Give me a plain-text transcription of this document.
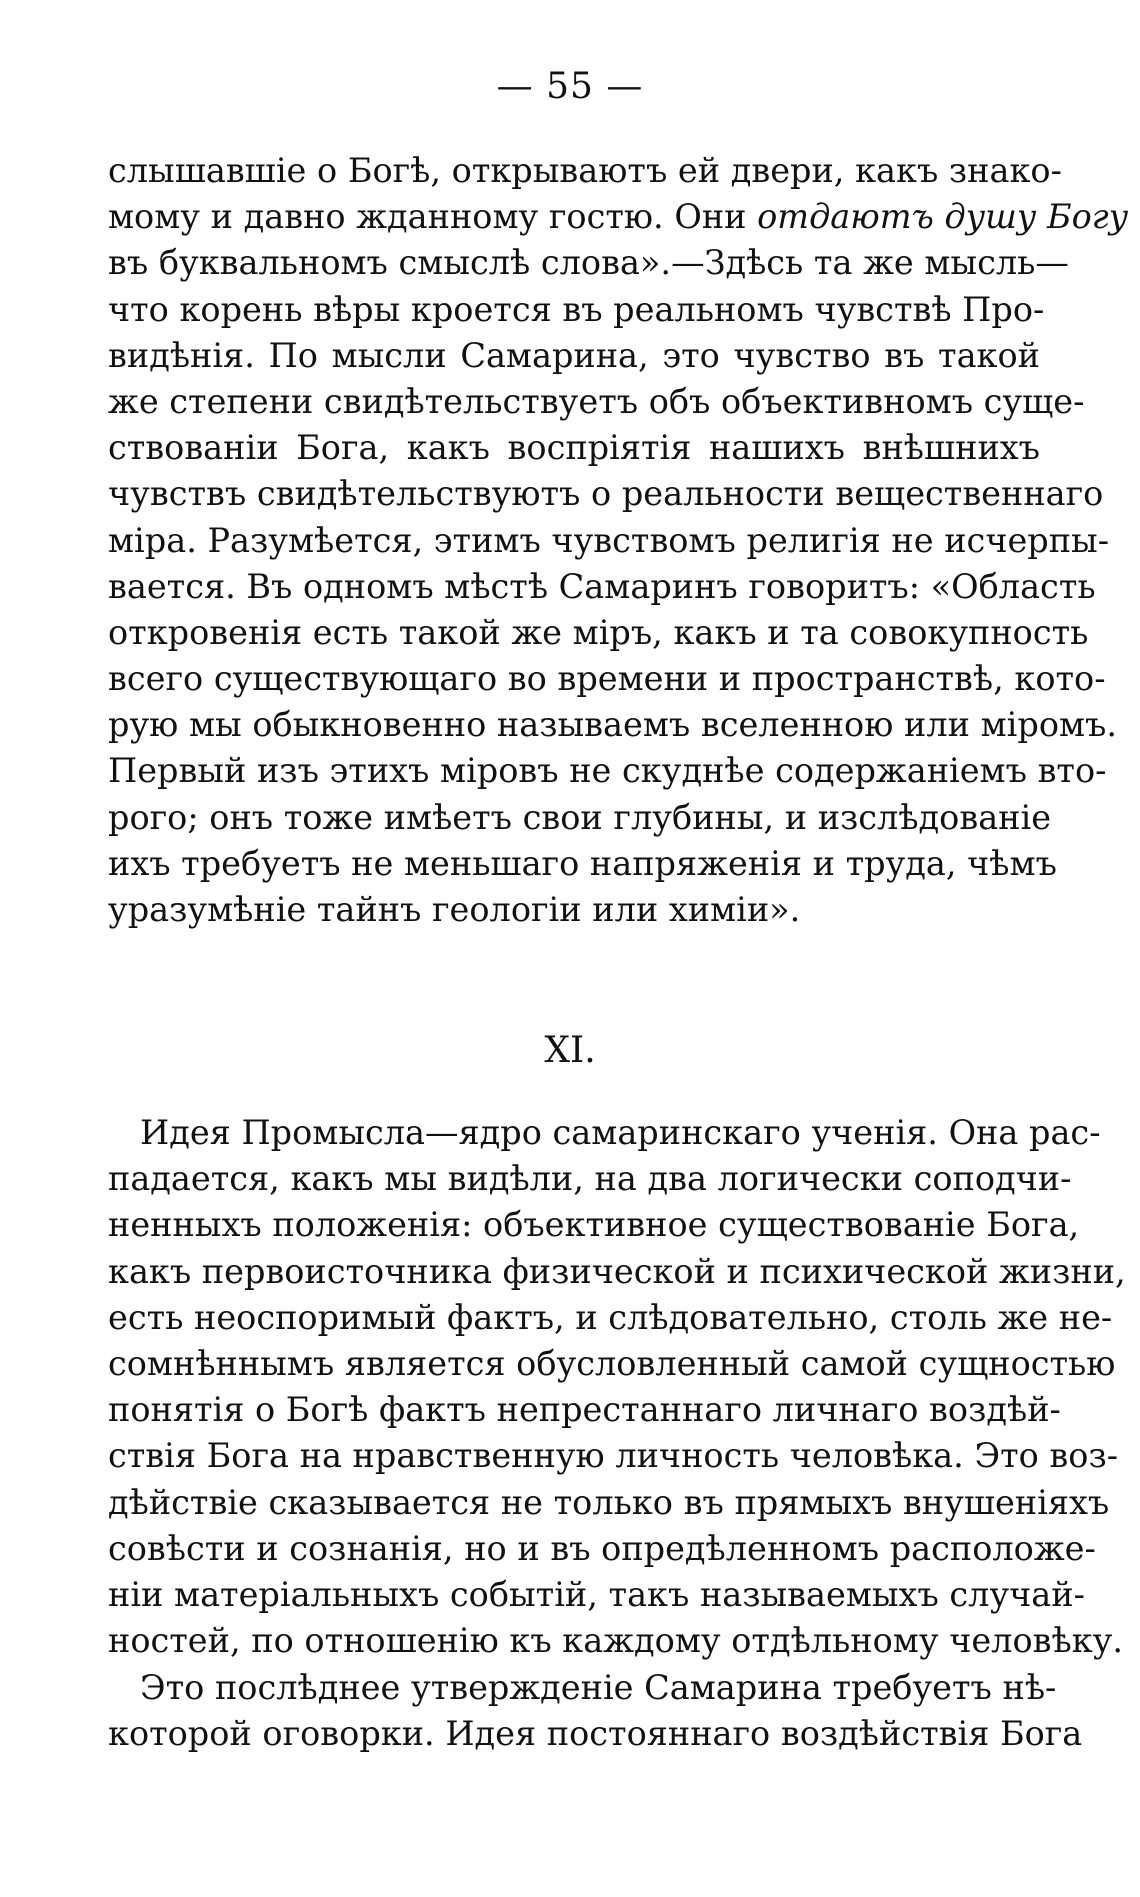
— 55 —
слышавшіе о Богѣ, открываютъ ей двери, какъ знако-
мому и давно жданному гостю. Они отдаютъ душу Богу
въ буквальномъ смыслѣ слова».—Здѣсь та же мысль—
что корень вѣры кроется въ реальномъ чувствѣ Про-
видѣнія. По мысли Самарина, это чувство въ такой
же степени свидѣтельствуетъ объ объективномъ суще-
ствованіи Бога, какъ воспріятія нашихъ внѣшнихъ
чувствъ свидѣтельствуютъ о реальности вещественнаго
міра. Разумѣется, этимъ чувствомъ религія не исчерпы-
вается. Въ одномъ мѣстѣ Самаринъ говоритъ: «Область
откровенія есть такой же міръ, какъ и та совокупность
всего существующаго во времени и пространствѣ, кото-
рую мы обыкновенно называемъ вселенною или міромъ.
Первый изъ этихъ міровъ не скуднѣе содержаніемъ вто-
рого; онъ тоже имѣетъ свои глубины, и изслѣдованіе
ихъ требуетъ не меньшаго напряженія и труда, чѣмъ
уразумѣніе тайнъ геологіи или химіи».
XI.
Идея Промысла—ядро самаринскаго ученія. Она рас-
падается, какъ мы видѣли, на два логически соподчи-
ненныхъ положенія: объективное существованіе Бога,
какъ первоисточника физической и психической жизни,
есть неоспоримый фактъ, и слѣдовательно, столь же не-
сомнѣннымъ является обусловленный самой сущностью
понятія о Богѣ фактъ непрестаннаго личнаго воздѣй-
ствія Бога на нравственную личность человѣка. Это воз-
дѣйствіе сказывается не только въ прямыхъ внушеніяхъ
совѣсти и сознанія, но и въ опредѣленномъ расположе-
ніи матеріальныхъ событій, такъ называемыхъ случай-
ностей, по отношенію къ каждому отдѣльному человѣку.
Это послѣднее утвержденіе Самарина требуетъ нѣ-
которой оговорки. Идея постояннаго воздѣйствія Бога
